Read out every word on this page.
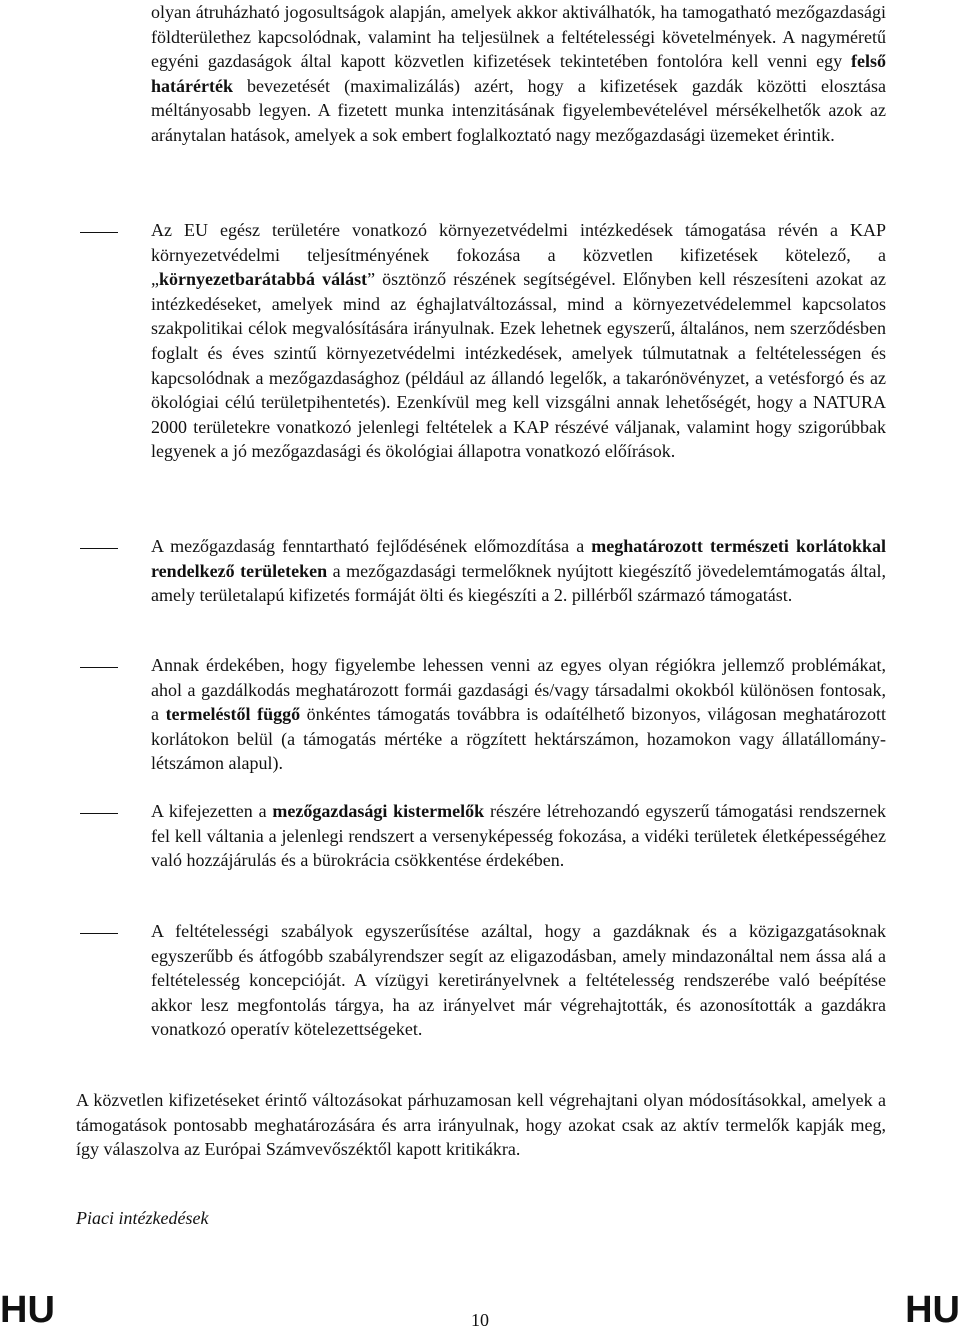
olyan átruházható jogosultságok alapján, amelyek akkor aktiválhatók, ha tamogatható mezőgazdasági földterülethez kapcsolódnak, valamint ha teljesülnek a feltételességi követelmények. A nagyméretű egyéni gazdaságok által kapott közvetlen kifizetések tekintetében fontolóra kell venni egy felső határérték bevezetését (maximalizálás) azért, hogy a kifizetések gazdák közötti elosztása méltányosabb legyen. A fizetett munka intenzitásának figyelembevételével mérsékelhetők azok az aránytalan hatások, amelyek a sok embert foglalkoztató nagy mezőgazdasági üzemeket érintik.

Az EU egész területére vonatkozó környezetvédelmi intézkedések támogatása révén a KAP környezetvédelmi teljesítményének fokozása a közvetlen kifizetések kötelező, a „környezetbarátabbá válást” ösztönző részének segítségével. Előnyben kell részesíteni azokat az intézkedéseket, amelyek mind az éghajlatváltozással, mind a környezetvédelemmel kapcsolatos szakpolitikai célok megvalósítására irányulnak. Ezek lehetnek egyszerű, általános, nem szerződésben foglalt és éves szintű környezetvédelmi intézkedések, amelyek túlmutatnak a feltételességen és kapcsolódnak a mezőgazdasághoz (például az állandó legelők, a takarónövényzet, a vetésforgó és az ökológiai célú területpihentetés). Ezenkívül meg kell vizsgálni annak lehetőségét, hogy a NATURA 2000 területekre vonatkozó jelenlegi feltételek a KAP részévé váljanak, valamint hogy szigorúbbak legyenek a jó mezőgazdasági és ökológiai állapotra vonatkozó előírások.

A mezőgazdaság fenntartható fejlődésének előmozdítása a meghatározott természeti korlátokkal rendelkező területeken a mezőgazdasági termelőknek nyújtott kiegészítő jövedelemtámogatás által, amely területalapú kifizetés formáját ölti és kiegészíti a 2. pillérből származó támogatást.

Annak érdekében, hogy figyelembe lehessen venni az egyes olyan régiókra jellemző problémákat, ahol a gazdálkodás meghatározott formái gazdasági és/vagy társadalmi okokból különösen fontosak, a termeléstől függő önkéntes támogatás továbbra is odaítélhető bizonyos, világosan meghatározott korlátokon belül (a támogatás mértéke a rögzített hektárszámon, hozamokon vagy állatállomány-létszámon alapul).

A kifejezetten a mezőgazdasági kistermelők részére létrehozandó egyszerű támogatási rendszernek fel kell váltania a jelenlegi rendszert a versenyképesség fokozása, a vidéki területek életképességéhez való hozzájárulás és a bürokrácia csökkentése érdekében.

A feltételességi szabályok egyszerűsítése azáltal, hogy a gazdáknak és a közigazgatásoknak egyszerűbb és átfogóbb szabályrendszer segít az eligazodásban, amely mindazonáltal nem ássa alá a feltételesség koncepcióját. A vízügyi keretirányelvnek a feltételesség rendszerébe való beépítése akkor lesz megfontolás tárgya, ha az irányelvet már végrehajtották, és azonosították a gazdákra vonatkozó operatív kötelezettségeket.

A közvetlen kifizetéseket érintő változásokat párhuzamosan kell végrehajtani olyan módosításokkal, amelyek a támogatások pontosabb meghatározására és arra irányulnak, hogy azokat csak az aktív termelők kapják meg, így válaszolva az Európai Számvevőszéktől kapott kritikákra.

Piaci intézkedések
HU	10	HU
